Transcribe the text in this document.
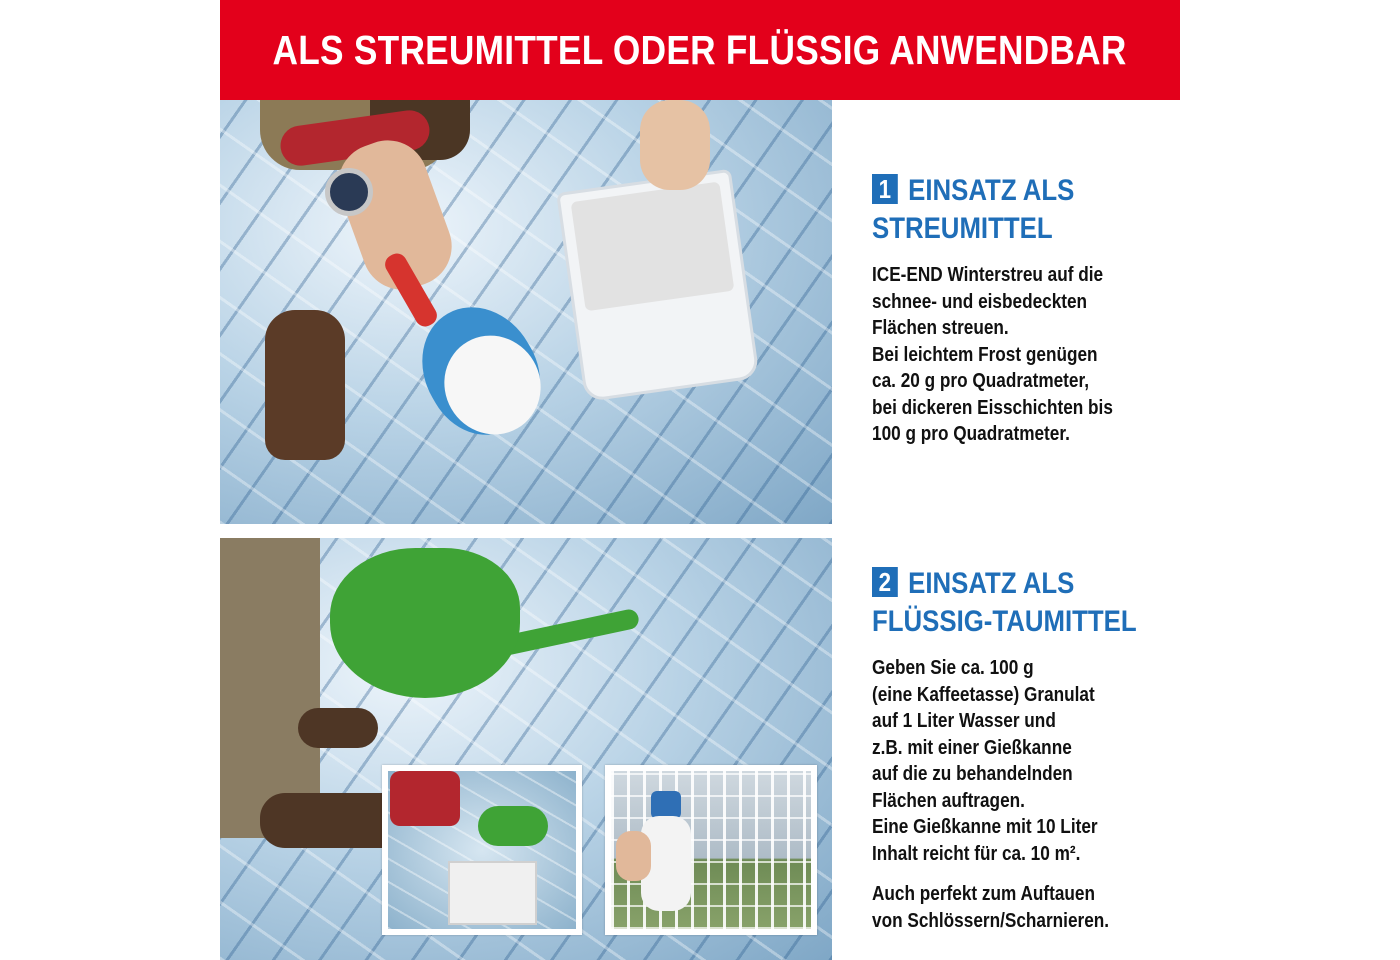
ALS STREUMITTEL ODER FLÜSSIG ANWENDBAR
1 EINSATZ ALS
STREUMITTEL
ICE-END Winterstreu auf die
schnee- und eisbedeckten
Flächen streuen.
Bei leichtem Frost genügen
ca. 20 g pro Quadratmeter,
bei dickeren Eisschichten bis
100 g pro Quadratmeter.
2 EINSATZ ALS
FLÜSSIG-TAUMITTEL
Geben Sie ca. 100 g
(eine Kaffeetasse) Granulat
auf 1 Liter Wasser und
z.B. mit einer Gießkanne
auf die zu behandelnden
Flächen auftragen.
Eine Gießkanne mit 10 Liter
Inhalt reicht für ca. 10 m².
Auch perfekt zum Auftauen
von Schlössern/Scharnieren.
